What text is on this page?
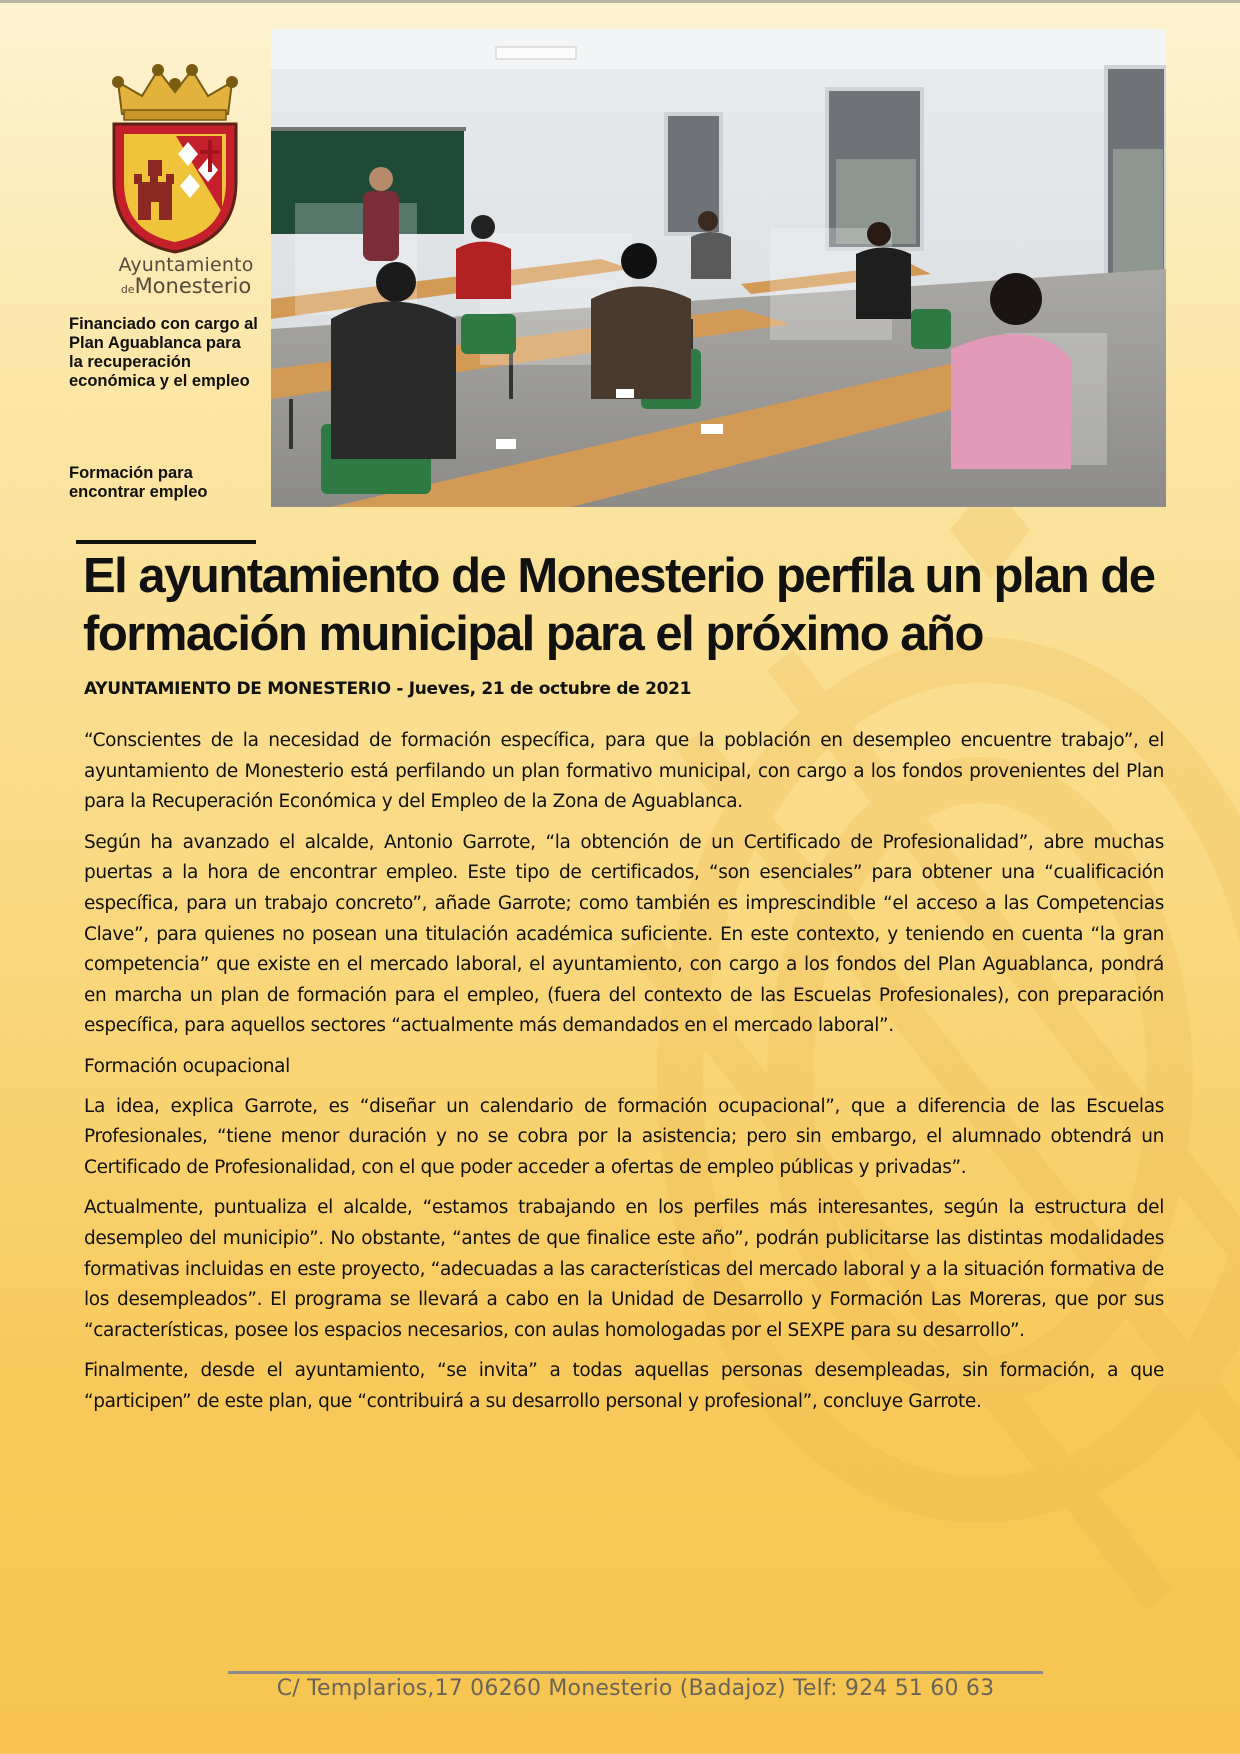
Ayuntamiento
deMonesterio
Financiado con cargo al Plan Aguablanca para la recuperación económica y el empleo
Formación para encontrar empleo
El ayuntamiento de Monesterio perfila un plan de formación municipal para el próximo año
AYUNTAMIENTO DE MONESTERIO - Jueves, 21 de octubre de 2021

“Conscientes de la necesidad de formación específica, para que la población en desempleo encuentre trabajo”, el ayuntamiento de Monesterio está perfilando un plan formativo municipal, con cargo a los fondos provenientes del Plan para la Recuperación Económica y del Empleo de la Zona de Aguablanca.

Según ha avanzado el alcalde, Antonio Garrote, “la obtención de un Certificado de Profesionalidad”, abre muchas puertas a la hora de encontrar empleo. Este tipo de certificados, “son esenciales” para obtener una “cualificación específica, para un trabajo concreto”, añade Garrote; como también es imprescindible “el acceso a las Competencias Clave”, para quienes no posean una titulación académica suficiente. En este contexto, y teniendo en cuenta “la gran competencia” que existe en el mercado laboral, el ayuntamiento, con cargo a los fondos del Plan Aguablanca, pondrá en marcha un plan de formación para el empleo, (fuera del contexto de las Escuelas Profesionales), con preparación específica, para aquellos sectores “actualmente más demandados en el mercado laboral”.

Formación ocupacional

La idea, explica Garrote, es “diseñar un calendario de formación ocupacional”, que a diferencia de las Escuelas Profesionales, “tiene menor duración y no se cobra por la asistencia; pero sin embargo, el alumnado obtendrá un Certificado de Profesionalidad, con el que poder acceder a ofertas de empleo públicas y privadas”.

Actualmente, puntualiza el alcalde, “estamos trabajando en los perfiles más interesantes, según la estructura del desempleo del municipio”. No obstante, “antes de que finalice este año”, podrán publicitarse las distintas modalidades formativas incluidas en este proyecto, “adecuadas a las características del mercado laboral y a la situación formativa de los desempleados”. El programa se llevará a cabo en la Unidad de Desarrollo y Formación Las Moreras, que por sus “características, posee los espacios necesarios, con aulas homologadas por el SEXPE para su desarrollo”.

Finalmente, desde el ayuntamiento, “se invita” a todas aquellas personas desempleadas, sin formación, a que “participen” de este plan, que “contribuirá a su desarrollo personal y profesional”, concluye Garrote.

C/ Templarios,17 06260 Monesterio (Badajoz) Telf: 924 51 60 63
